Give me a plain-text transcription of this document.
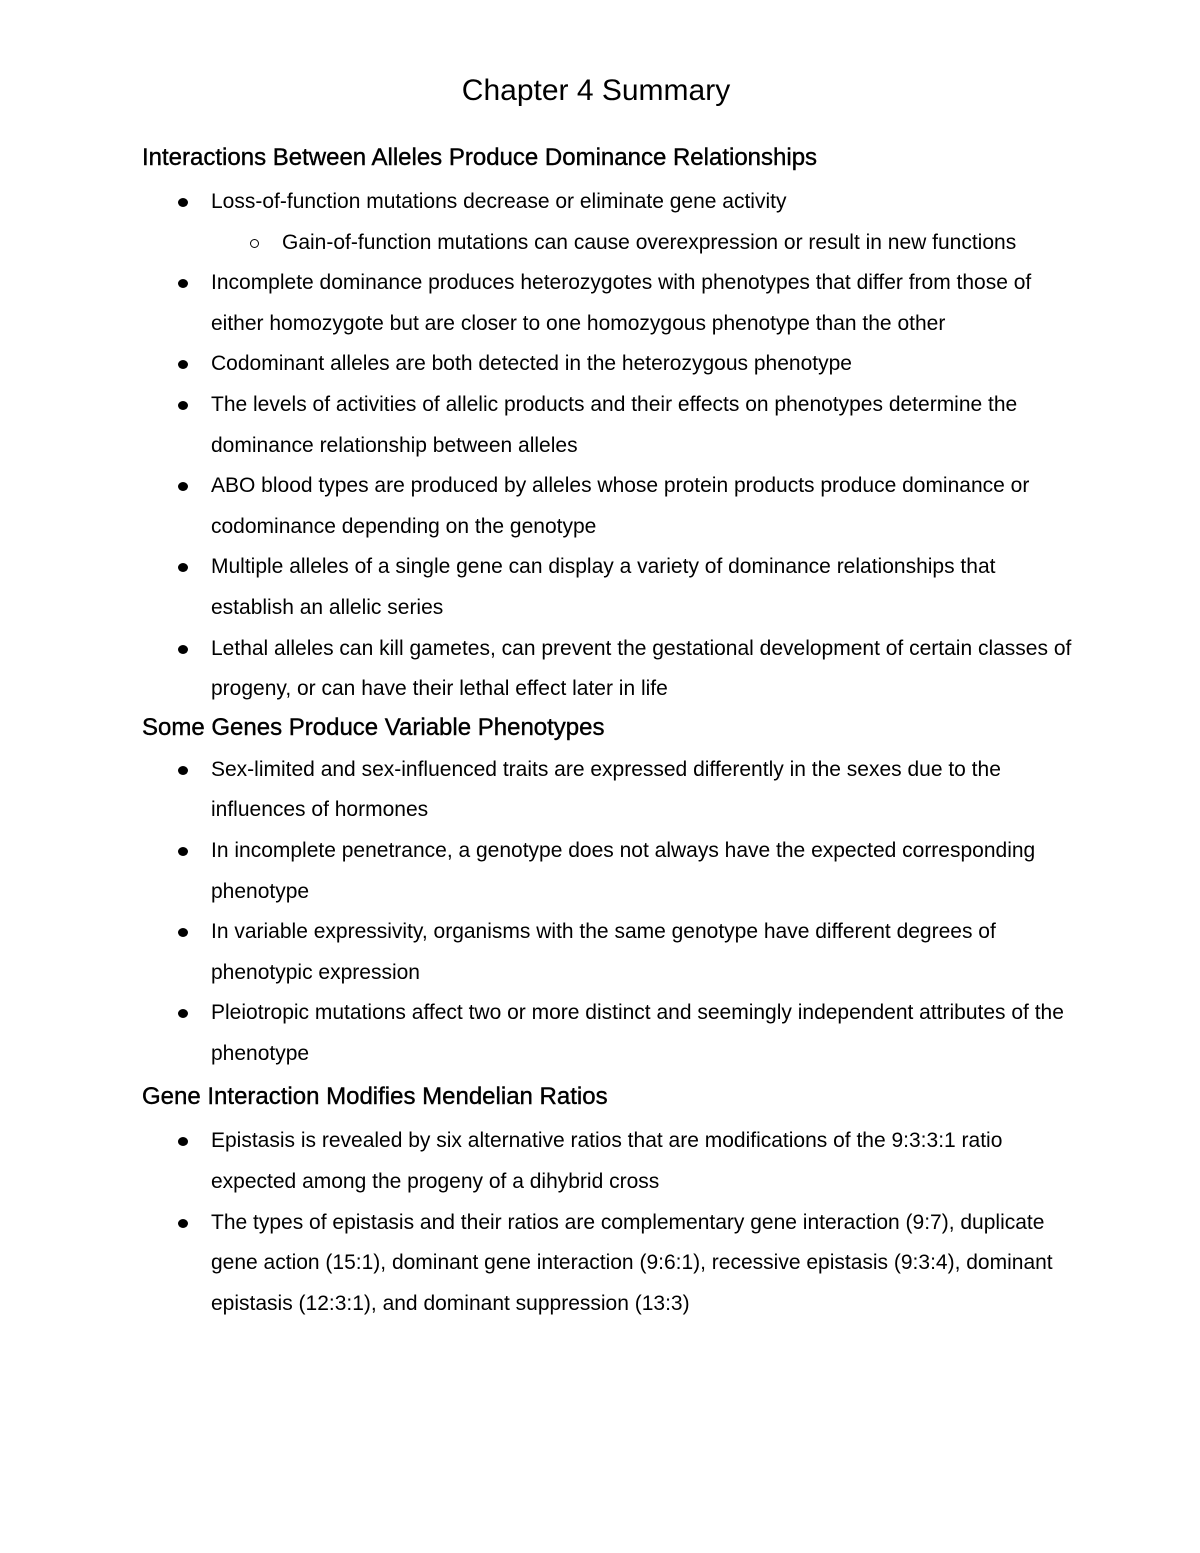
Chapter 4 Summary
Interactions Between Alleles Produce Dominance Relationships
Loss-of-function mutations decrease or eliminate gene activity
Gain-of-function mutations can cause overexpression or result in new functions
Incomplete dominance produces heterozygotes with phenotypes that differ from those of either homozygote but are closer to one homozygous phenotype than the other
Codominant alleles are both detected in the heterozygous phenotype
The levels of activities of allelic products and their effects on phenotypes determine the dominance relationship between alleles
ABO blood types are produced by alleles whose protein products produce dominance or codominance depending on the genotype
Multiple alleles of a single gene can display a variety of dominance relationships that establish an allelic series
Lethal alleles can kill gametes, can prevent the gestational development of certain classes of progeny, or can have their lethal effect later in life
Some Genes Produce Variable Phenotypes
Sex-limited and sex-influenced traits are expressed differently in the sexes due to the influences of hormones
In incomplete penetrance, a genotype does not always have the expected corresponding phenotype
In variable expressivity, organisms with the same genotype have different degrees of phenotypic expression
Pleiotropic mutations affect two or more distinct and seemingly independent attributes of the phenotype
Gene Interaction Modifies Mendelian Ratios
Epistasis is revealed by six alternative ratios that are modifications of the 9:3:3:1 ratio expected among the progeny of a dihybrid cross
The types of epistasis and their ratios are complementary gene interaction (9:7), duplicate gene action (15:1), dominant gene interaction (9:6:1), recessive epistasis (9:3:4), dominant epistasis (12:3:1), and dominant suppression (13:3)
